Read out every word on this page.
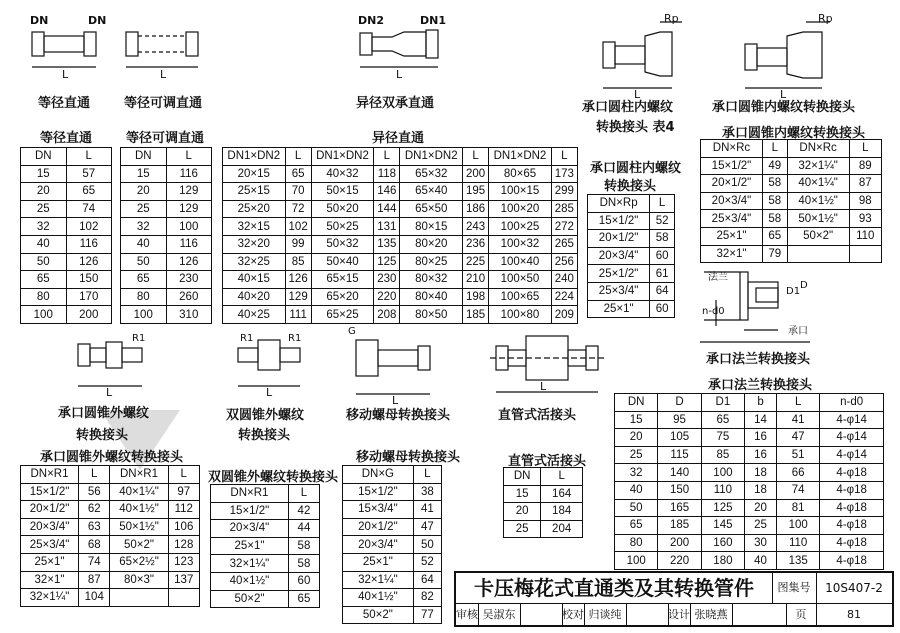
DN	DN
L	L
DN2	DN1
L
Rp
L
Rp
L
法兰
承口
D1
D
n-d0
R1	R1	R1
G
L	L
L
L
等径直通	等径可调直通	异径双承直通	承口圆柱内螺纹
转换接头 表4
承口圆锥内螺纹转换接头
承口圆锥外螺纹
转换接头
双圆锥外螺纹
转换接头
移动螺母转换接头	直管式活接头
承口法兰转换接头
等径直通
DN	L
15	57
20	65
25	74
32	102
40	116
50	126
65	150
80	170
100	200
等径可调直通
DN	L
15	116
20	129
25	129
32	100
40	116
50	126
65	230
80	260
100	310
异径直通
DN1×DN2	L	DN1×DN2	L	DN1×DN2	L	DN1×DN2	L
20×15	65	40×32	118	65×32	200	80×65	173
25×15	70	50×15	146	65×40	195	100×15	299
25×20	72	50×20	144	65×50	186	100×20	285
32×15	102	50×25	131	80×15	243	100×25	272
32×20	99	50×32	135	80×20	236	100×32	265
32×25	85	50×40	125	80×25	225	100×40	256
40×15	126	65×15	230	80×32	210	100×50	240
40×20	129	65×20	220	80×40	198	100×65	224
40×25	111	65×25	208	80×50	185	100×80	209
承口圆柱内螺纹
转换接头
DN×Rp	L
15×1/2"	52
20×1/2"	58
20×3/4"	60
25×1/2"	61
25×3/4"	64
25×1"	60
承口圆锥内螺纹转换接头
DN×Rc	L	DN×Rc	L
15×1/2"	49	32×1¼"	89
20×1/2"	58	40×1¼"	87
20×3/4"	58	40×1½"	98
25×3/4"	58	50×1½"	93
25×1"	65	50×2"	110
32×1"	79		
承口圆锥外螺纹转换接头
DN×R1	L	DN×R1	L
15×1/2"	56	40×1¼"	97
20×1/2"	62	40×1½"	112
20×3/4"	63	50×1½"	106
25×3/4"	68	50×2"	128
25×1"	74	65×2½"	123
32×1"	87	80×3"	137
32×1¼"	104		
双圆锥外螺纹转换接头
DN×R1	L
15×1/2"	42
20×3/4"	44
25×1"	58
32×1¼"	58
40×1½"	60
50×2"	65
移动螺母转换接头
DN×G	L
15×1/2"	38
15×3/4"	41
20×1/2"	47
20×3/4"	50
25×1"	52
32×1¼"	64
40×1½"	82
50×2"	77
直管式活接头
DN	L
15	164
20	184
25	204
承口法兰转换接头
DN	D	D1	b	L	n-d0
15	95	65	14	41	4-φ14
20	105	75	16	47	4-φ14
25	115	85	16	51	4-φ14
32	140	100	18	66	4-φ18
40	150	110	18	74	4-φ18
50	165	125	20	81	4-φ18
65	185	145	25	100	4-φ18
80	200	160	30	110	4-φ18
100	220	180	40	135	4-φ18
卡压梅花式直通类及其转换管件	图集号	10S407-2
审核 吴淑东	校对 归谈纯	设计 张晓燕	页	81
